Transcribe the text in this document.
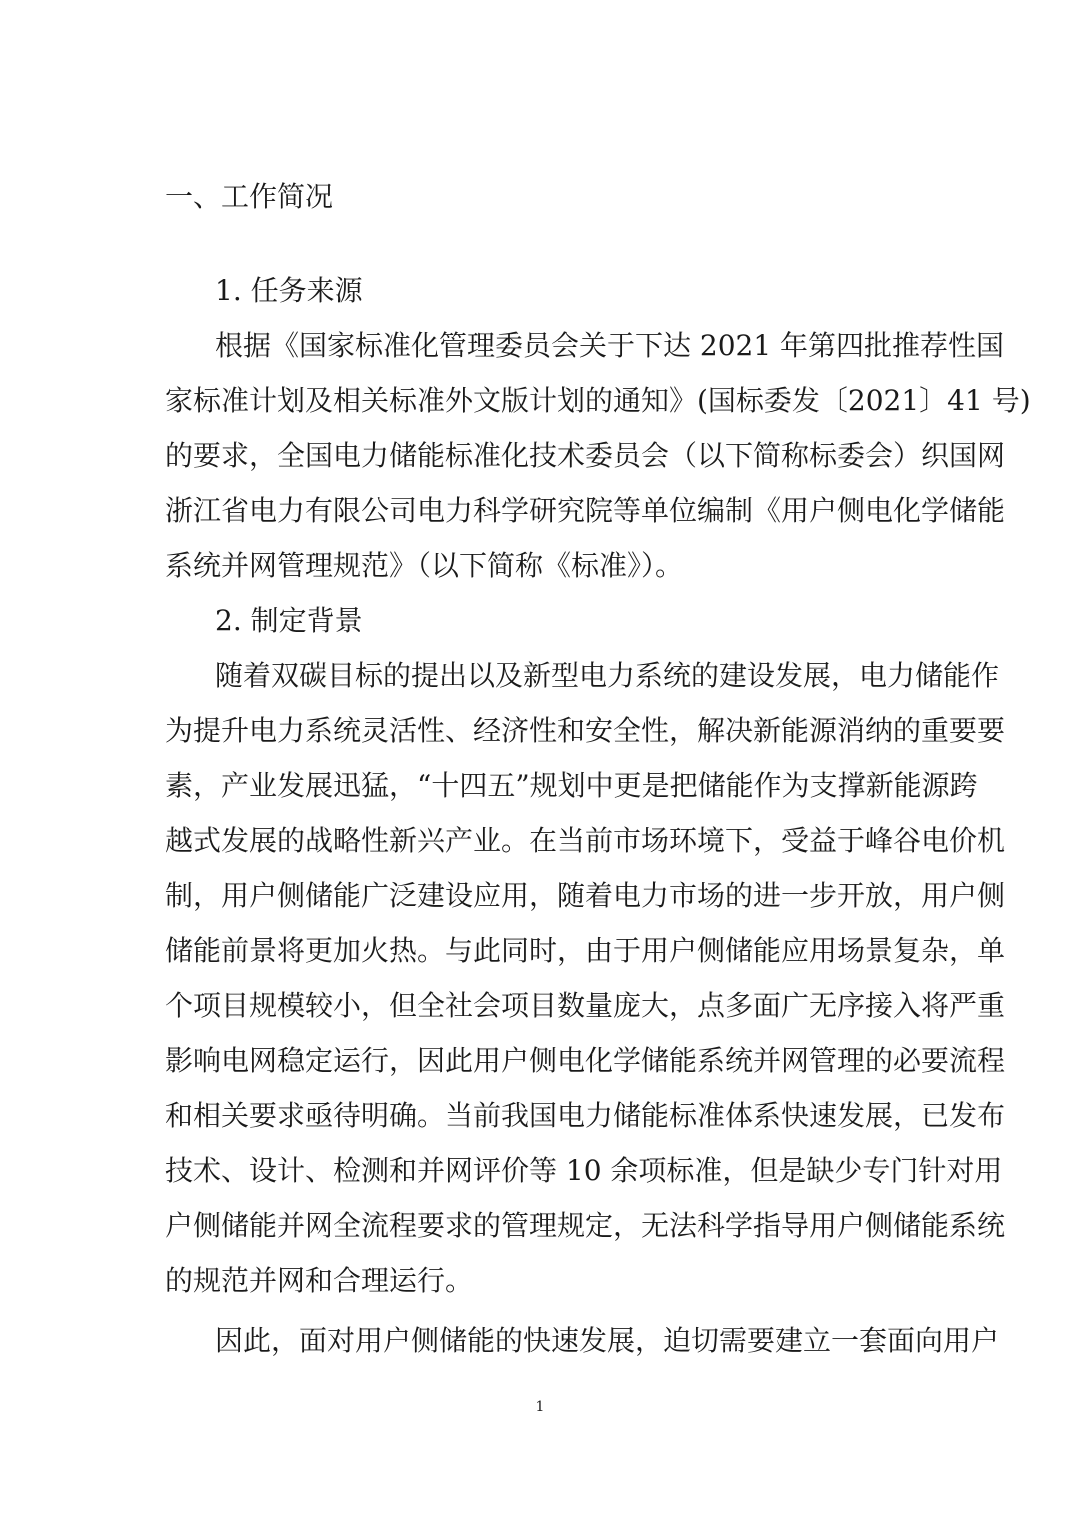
一、工作简况
1. 任务来源
根据《国家标准化管理委员会关于下达 2021 年第四批推荐性国
家标准计划及相关标准外文版计划的通知》(国标委发〔2021〕41 号)
的要求，全国电力储能标准化技术委员会（以下简称标委会）织国网
浙江省电力有限公司电力科学研究院等单位编制《用户侧电化学储能
系统并网管理规范》（以下简称《标准》）。
2. 制定背景
随着双碳目标的提出以及新型电力系统的建设发展，电力储能作
为提升电力系统灵活性、经济性和安全性，解决新能源消纳的重要要
素，产业发展迅猛，“十四五”规划中更是把储能作为支撑新能源跨
越式发展的战略性新兴产业。在当前市场环境下，受益于峰谷电价机
制，用户侧储能广泛建设应用，随着电力市场的进一步开放，用户侧
储能前景将更加火热。与此同时，由于用户侧储能应用场景复杂，单
个项目规模较小，但全社会项目数量庞大，点多面广无序接入将严重
影响电网稳定运行，因此用户侧电化学储能系统并网管理的必要流程
和相关要求亟待明确。当前我国电力储能标准体系快速发展，已发布
技术、设计、检测和并网评价等 10 余项标准，但是缺少专门针对用
户侧储能并网全流程要求的管理规定，无法科学指导用户侧储能系统
的规范并网和合理运行。
因此，面对用户侧储能的快速发展，迫切需要建立一套面向用户
1
